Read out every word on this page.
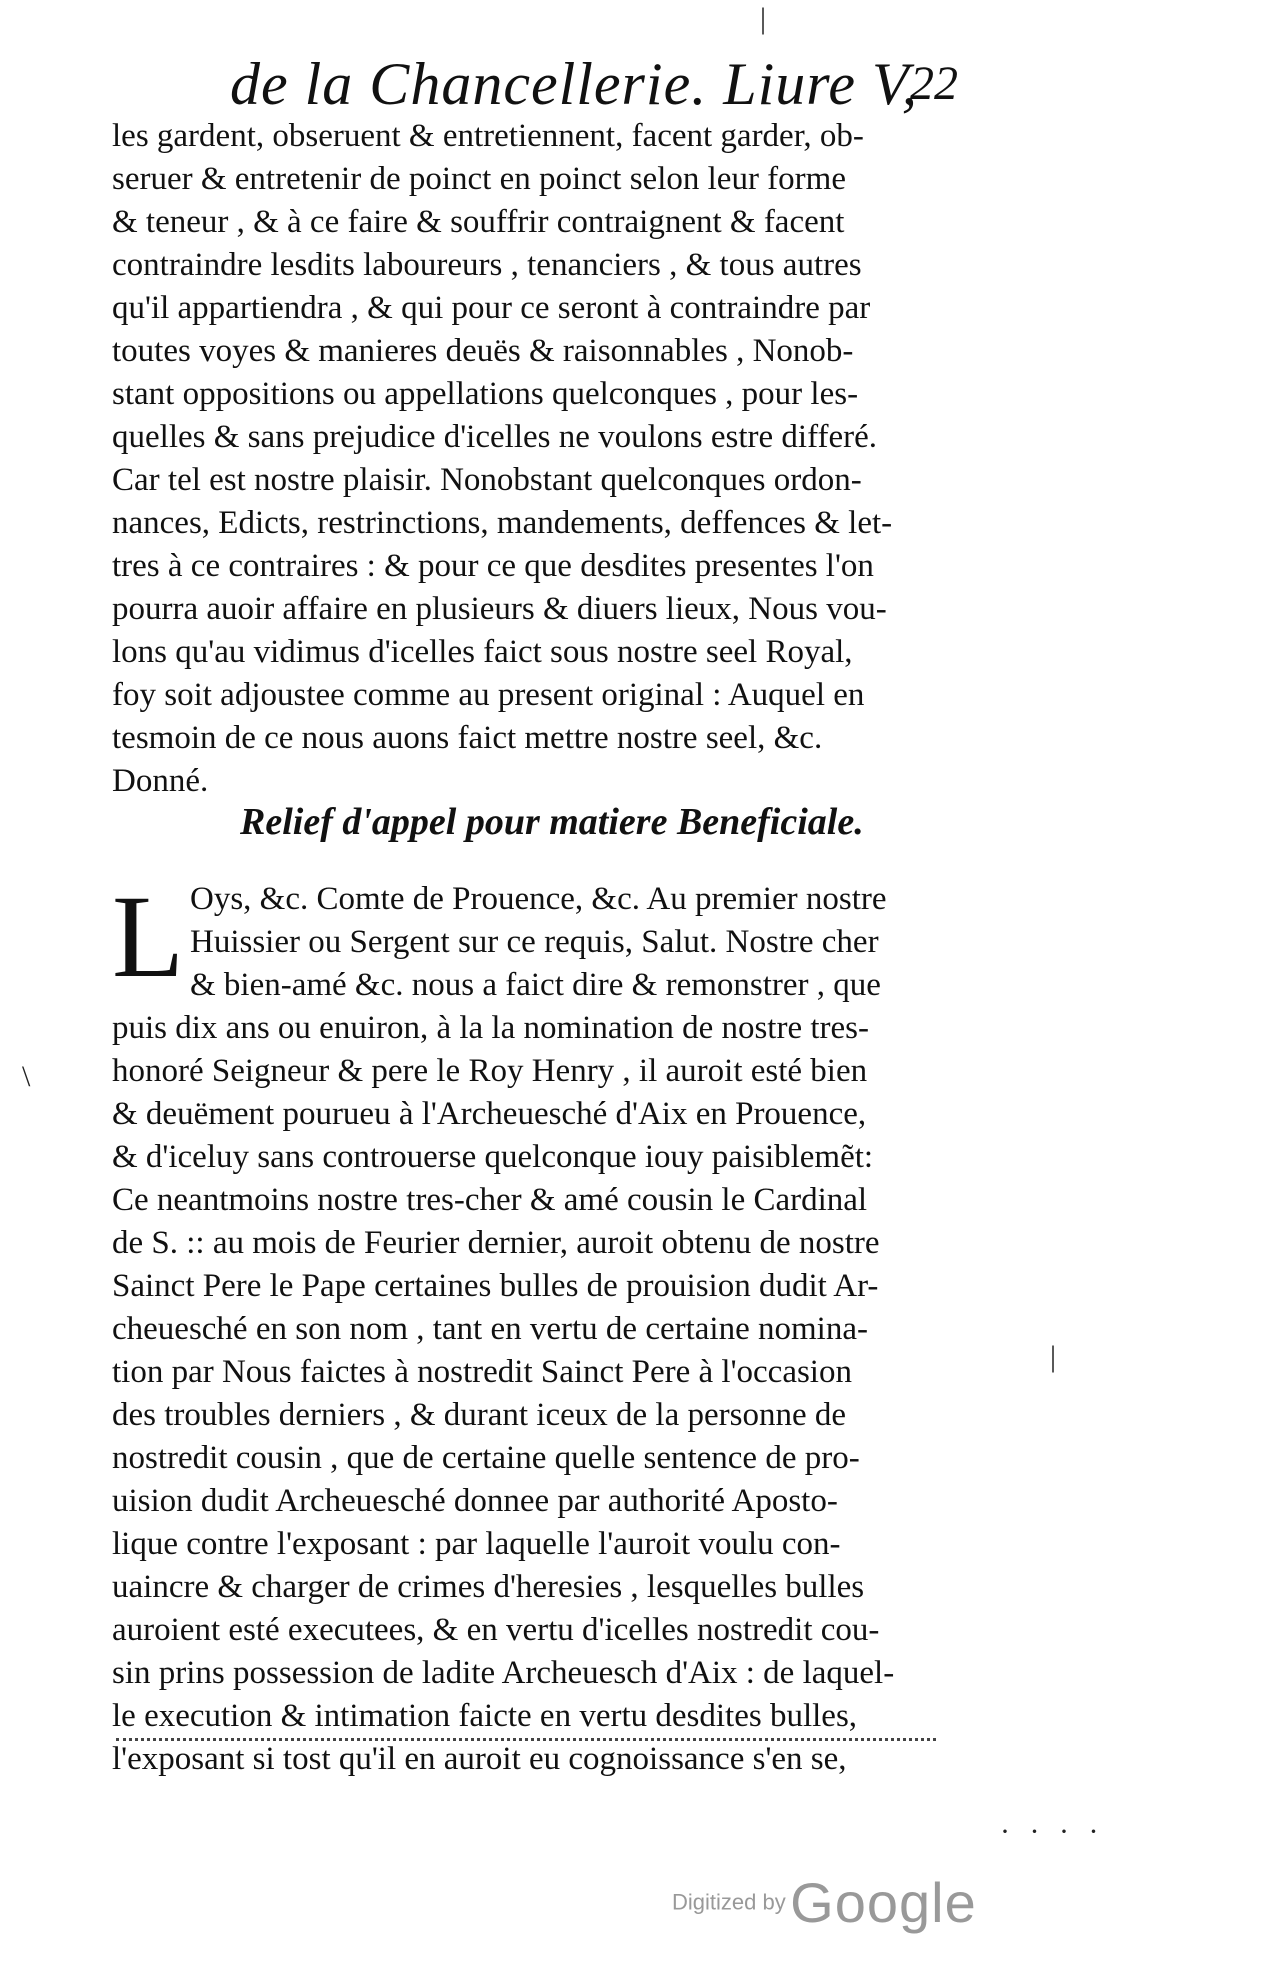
de la Chancellerie. Liure V,
22
les gardent, obseruent & entretiennent, facent garder, ob-
seruer & entretenir de poinct en poinct selon leur forme
& teneur , & à ce faire & souffrir contraignent & facent
contraindre lesdits laboureurs , tenanciers , & tous autres
qu'il appartiendra , & qui pour ce seront à contraindre par
toutes voyes & manieres deuës & raisonnables , Nonob-
stant oppositions ou appellations quelconques , pour les-
quelles & sans prejudice d'icelles ne voulons estre differé.
Car tel est nostre plaisir. Nonobstant quelconques ordon-
nances, Edicts, restrinctions, mandements, deffences & let-
tres à ce contraires : & pour ce que desdites presentes l'on
pourra auoir affaire en plusieurs & diuers lieux, Nous vou-
lons qu'au vidimus d'icelles faict sous nostre seel Royal,
foy soit adjoustee comme au present original : Auquel en
tesmoin de ce nous auons faict mettre nostre seel, &c.
Donné.
Relief d'appel pour matiere Beneficiale.
L Oys, &c. Comte de Prouence, &c. Au premier nostre
Huissier ou Sergent sur ce requis, Salut. Nostre cher
& bien-amé &c. nous a faict dire & remonstrer , que
puis dix ans ou enuiron, à la la nomination de nostre tres-
honoré Seigneur & pere le Roy Henry , il auroit esté bien
& deuëment pourueu à l'Archeuesché d'Aix en Prouence,
& d'iceluy sans controuerse quelconque iouy paisiblemẽt:
Ce neantmoins nostre tres-cher & amé cousin le Cardinal
de S. :: au mois de Feurier dernier, auroit obtenu de nostre
Sainct Pere le Pape certaines bulles de prouision dudit Ar-
cheuesché en son nom , tant en vertu de certaine nomina-
tion par Nous faictes à nostredit Sainct Pere à l'occasion
des troubles derniers , & durant iceux de la personne de
nostredit cousin , que de certaine quelle sentence de pro-
uision dudit Archeuesché donnee par authorité Aposto-
lique contre l'exposant : par laquelle l'auroit voulu con-
uaincre & charger de crimes d'heresies , lesquelles bulles
auroient esté executees, & en vertu d'icelles nostredit cou-
sin prins possession de ladite Archeuesch d'Aix : de laquel-
le execution & intimation faicte en vertu desdites bulles,
l'exposant si tost qu'il en auroit eu cognoissance s'en se,
\
|
|
· · · ·
Digitized by Google
